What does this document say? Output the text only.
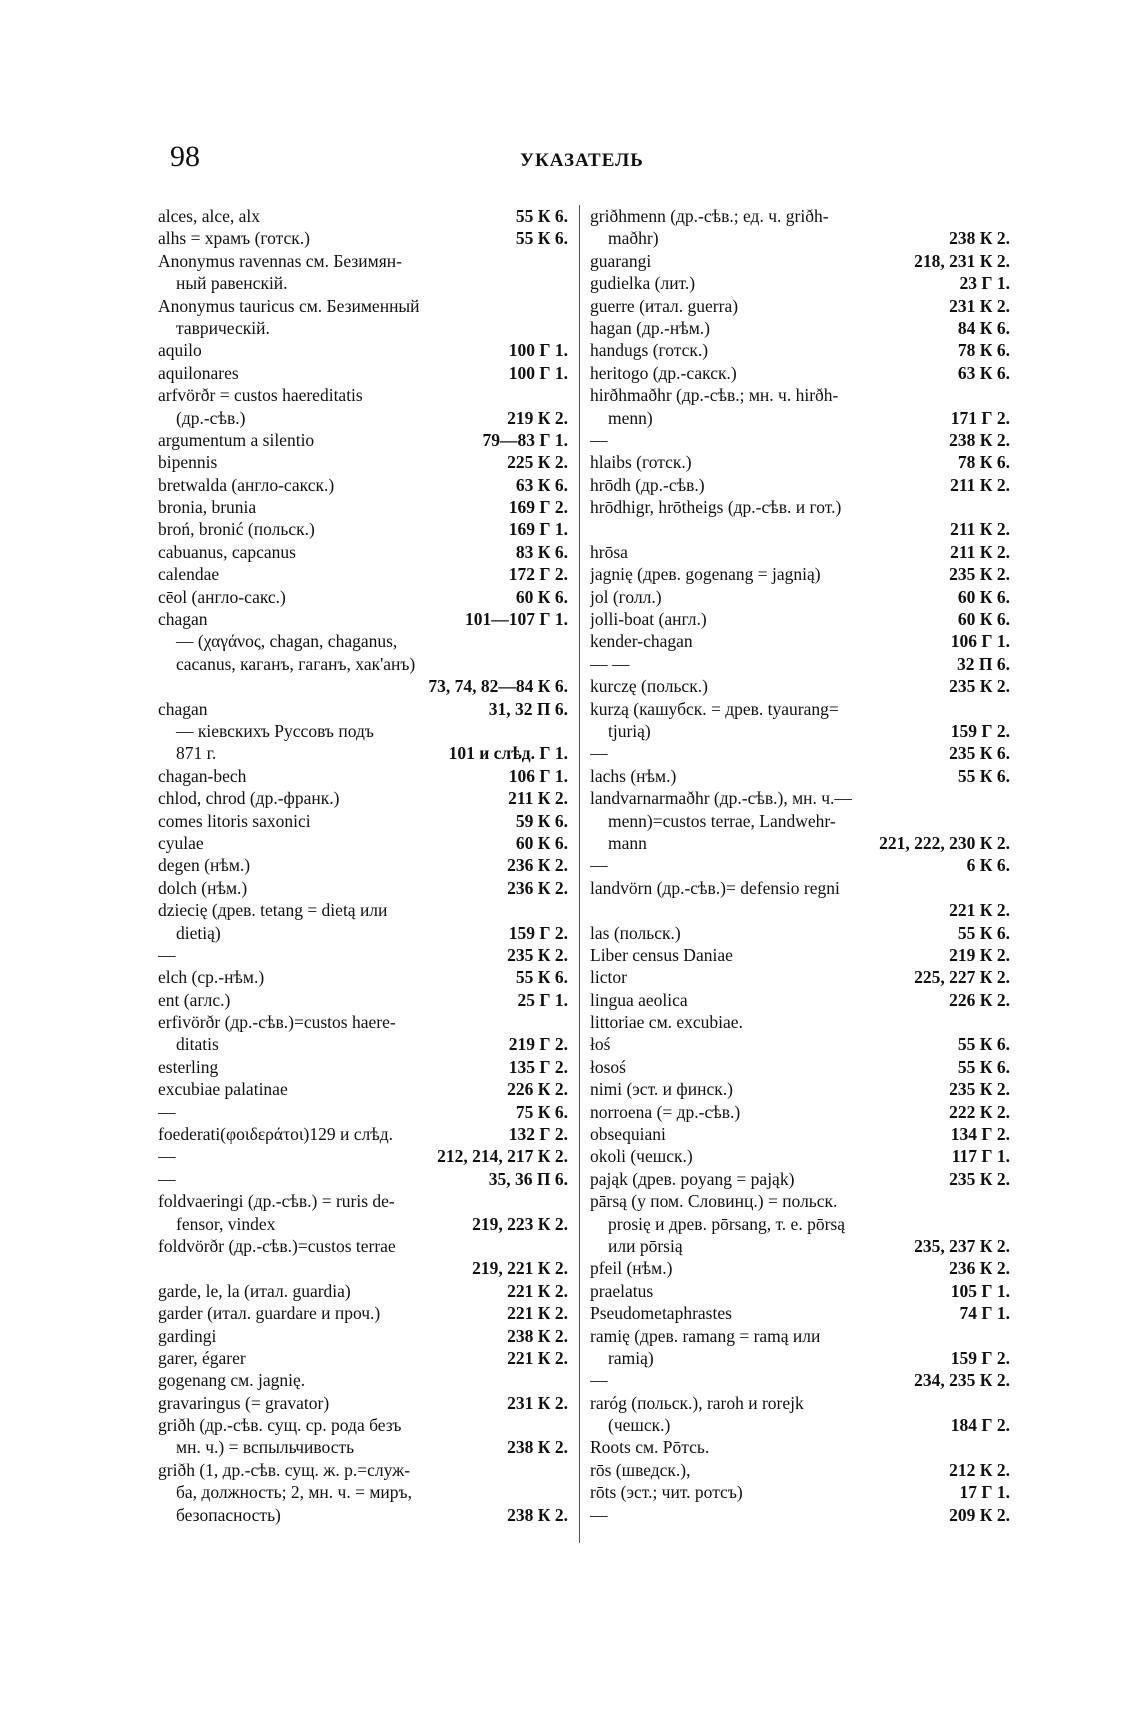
98	УКАЗАТЕЛЬ
alces, alce, alx	55 К 6.
alhs = храмъ (готск.)	55 К 6.
Anonymus ravennas см. Безимян-
ный равенскій.
Anonymus tauricus см. Безименный
таврическій.
aquilo	100 Г 1.
aquilonares	100 Г 1.
arfvörðr = custos haereditatis
(др.-сѣв.)	219 К 2.
argumentum a silentio	79—83 Г 1.
bipennis	225 К 2.
bretwalda (англо-сакск.)	63 К 6.
bronia, brunia	169 Г 2.
broń, bronić (польск.)	169 Г 1.
cabuanus, capcanus	83 К 6.
calendae	172 Г 2.
cēol (англо-сакс.)	60 К 6.
chagan	101—107 Г 1.
— (χαγάνος, chagan, chaganus,
cacanus, каганъ, гаганъ, хак'анъ)
73, 74, 82—84 К 6.
chagan	31, 32 П 6.
— кіевскихъ Руссовъ подъ
871 г.	101 и слѣд. Г 1.
chagan-bech	106 Г 1.
chlod, chrod (др.-франк.)	211 К 2.
comes litoris saxonici	59 К 6.
cyulae	60 К 6.
degen (нѣм.)	236 К 2.
dolch (нѣм.)	236 К 2.
dziecię (древ. tetang = dietą или
dietią)	159 Г 2.
—	235 К 2.
elch (ср.-нѣм.)	55 К 6.
ent (аглс.)	25 Г 1.
erfivörðr (др.-сѣв.)=custos haere-
ditatis	219 Г 2.
esterling	135 Г 2.
excubiae palatinae	226 К 2.
—	75 К 6.
foederati(φοιδεράτοι)129 и слѣд.	132 Г 2.
—	212, 214, 217 К 2.
—	35, 36 П 6.
foldvaeringi (др.-сѣв.) = ruris de-
fensor, vindex	219, 223 К 2.
foldvörðr (др.-сѣв.)=custos terrae
219, 221 К 2.
garde, le, la (итал. guardia)	221 К 2.
garder (итал. guardare и проч.)	221 К 2.
gardingi	238 К 2.
garer, égarer	221 К 2.
gogenang см. jagnię.
gravaringus (= gravator)	231 К 2.
griðh (др.-сѣв. сущ. ср. рода безъ
мн. ч.) = вспыльчивость	238 К 2.
griðh (1, др.-сѣв. сущ. ж. р.=служ-
ба, должность; 2, мн. ч. = миръ,
безопасность)	238 К 2.
griðhmenn (др.-сѣв.; ед. ч. griðh-
maðhr)	238 К 2.
guarangi	218, 231 К 2.
gudielka (лит.)	23 Г 1.
guerre (итал. guerra)	231 К 2.
hagan (др.-нѣм.)	84 К 6.
handugs (готск.)	78 К 6.
heritogo (др.-сакск.)	63 К 6.
hirðhmaðhr (др.-сѣв.; мн. ч. hirðh-
menn)	171 Г 2.
—	238 К 2.
hlaibs (готск.)	78 К 6.
hrōdh (др.-сѣв.)	211 К 2.
hrōdhigr, hrōtheigs (др.-сѣв. и гот.)
211 К 2.
hrōsa	211 К 2.
jagnię (древ. gogenang = jagnią)	235 К 2.
jol (голл.)	60 К 6.
jolli-boat (англ.)	60 К 6.
kender-chagan	106 Г 1.
— —	32 П 6.
kurczę (польск.)	235 К 2.
kurzą (кашубск. = древ. tyaurang=
tjurią)	159 Г 2.
—	235 К 6.
lachs (нѣм.)	55 К 6.
landvarnarmaðhr (др.-сѣв.), мн. ч.—
menn)=custos terrae, Landwehr-
mann	221, 222, 230 К 2.
—	6 К 6.
landvörn (др.-сѣв.)= defensio regni
221 К 2.
las (польск.)	55 К 6.
Liber census Daniae	219 К 2.
lictor	225, 227 К 2.
lingua aeolica	226 К 2.
littoriae см. excubiae.
łoś	55 К 6.
łosoś	55 К 6.
nimi (эст. и финск.)	235 К 2.
norroena (= др.-сѣв.)	222 К 2.
obsequiani	134 Г 2.
okoli (чешск.)	117 Г 1.
pająk (древ. poyang = pająk)	235 К 2.
pārsą (у пом. Словинц.) = польск.
prosię и древ. pōrsang, т. е. pōrsą
или pōrsią	235, 237 К 2.
pfeil (нѣм.)	236 К 2.
praelatus	105 Г 1.
Pseudometaphrastes	74 Г 1.
ramię (древ. ramang = ramą или
ramią)	159 Г 2.
—	234, 235 К 2.
raróg (польск.), raroh и rorejk
(чешск.)	184 Г 2.
Roots см. Рōтсь.
rōs (шведск.),	212 К 2.
rōts (эст.; чит. ротсъ)	17 Г 1.
—	209 К 2.
